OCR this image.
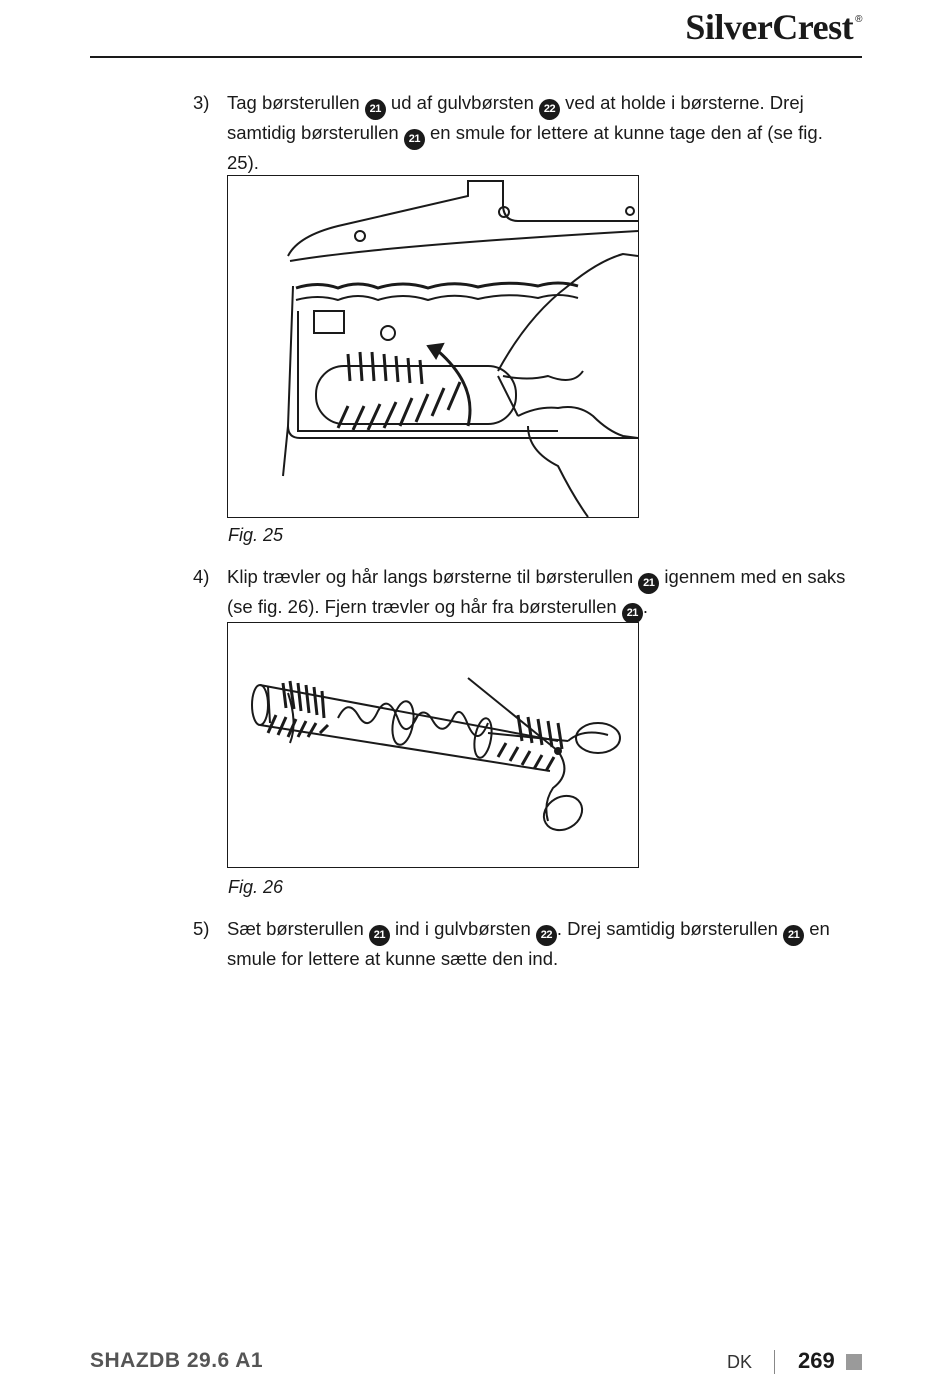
SilverCrest ®
3) Tag børsterullen 21 ud af gulvbørsten 22 ved at holde i børsterne. Drej samtidig børsterullen 21 en smule for lettere at kunne tage den af (se fig. 25).
Fig. 25
4) Klip trævler og hår langs børsterne til børsterullen 21 igennem med en saks (se fig. 26). Fjern trævler og hår fra børsterullen 21 .
Fig. 26
5) Sæt børsterullen 21 ind i gulvbørsten 22 . Drej samtidig børsterullen 21 en smule for lettere at kunne sætte den ind.
SHAZDB 29.6 A1	DK 269
